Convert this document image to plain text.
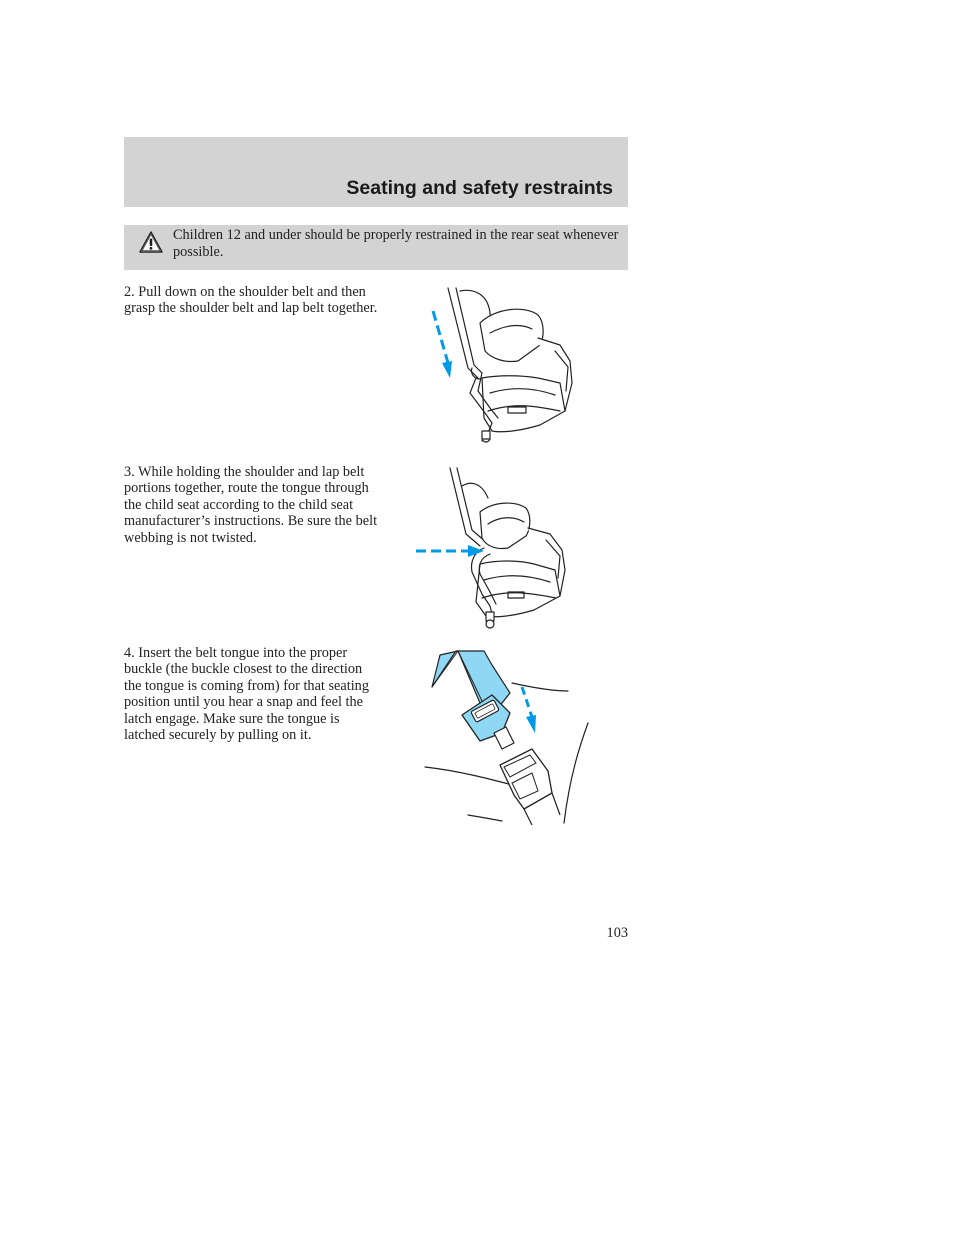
Seating and safety restraints
Children 12 and under should be properly restrained in the rear seat whenever possible.

2. Pull down on the shoulder belt and then grasp the shoulder belt and lap belt together.

3. While holding the shoulder and lap belt portions together, route the tongue through the child seat according to the child seat manufacturer’s instructions. Be sure the belt webbing is not twisted.

4. Insert the belt tongue into the proper buckle (the buckle closest to the direction the tongue is coming from) for that seating position until you hear a snap and feel the latch engage. Make sure the tongue is latched securely by pulling on it.

103
